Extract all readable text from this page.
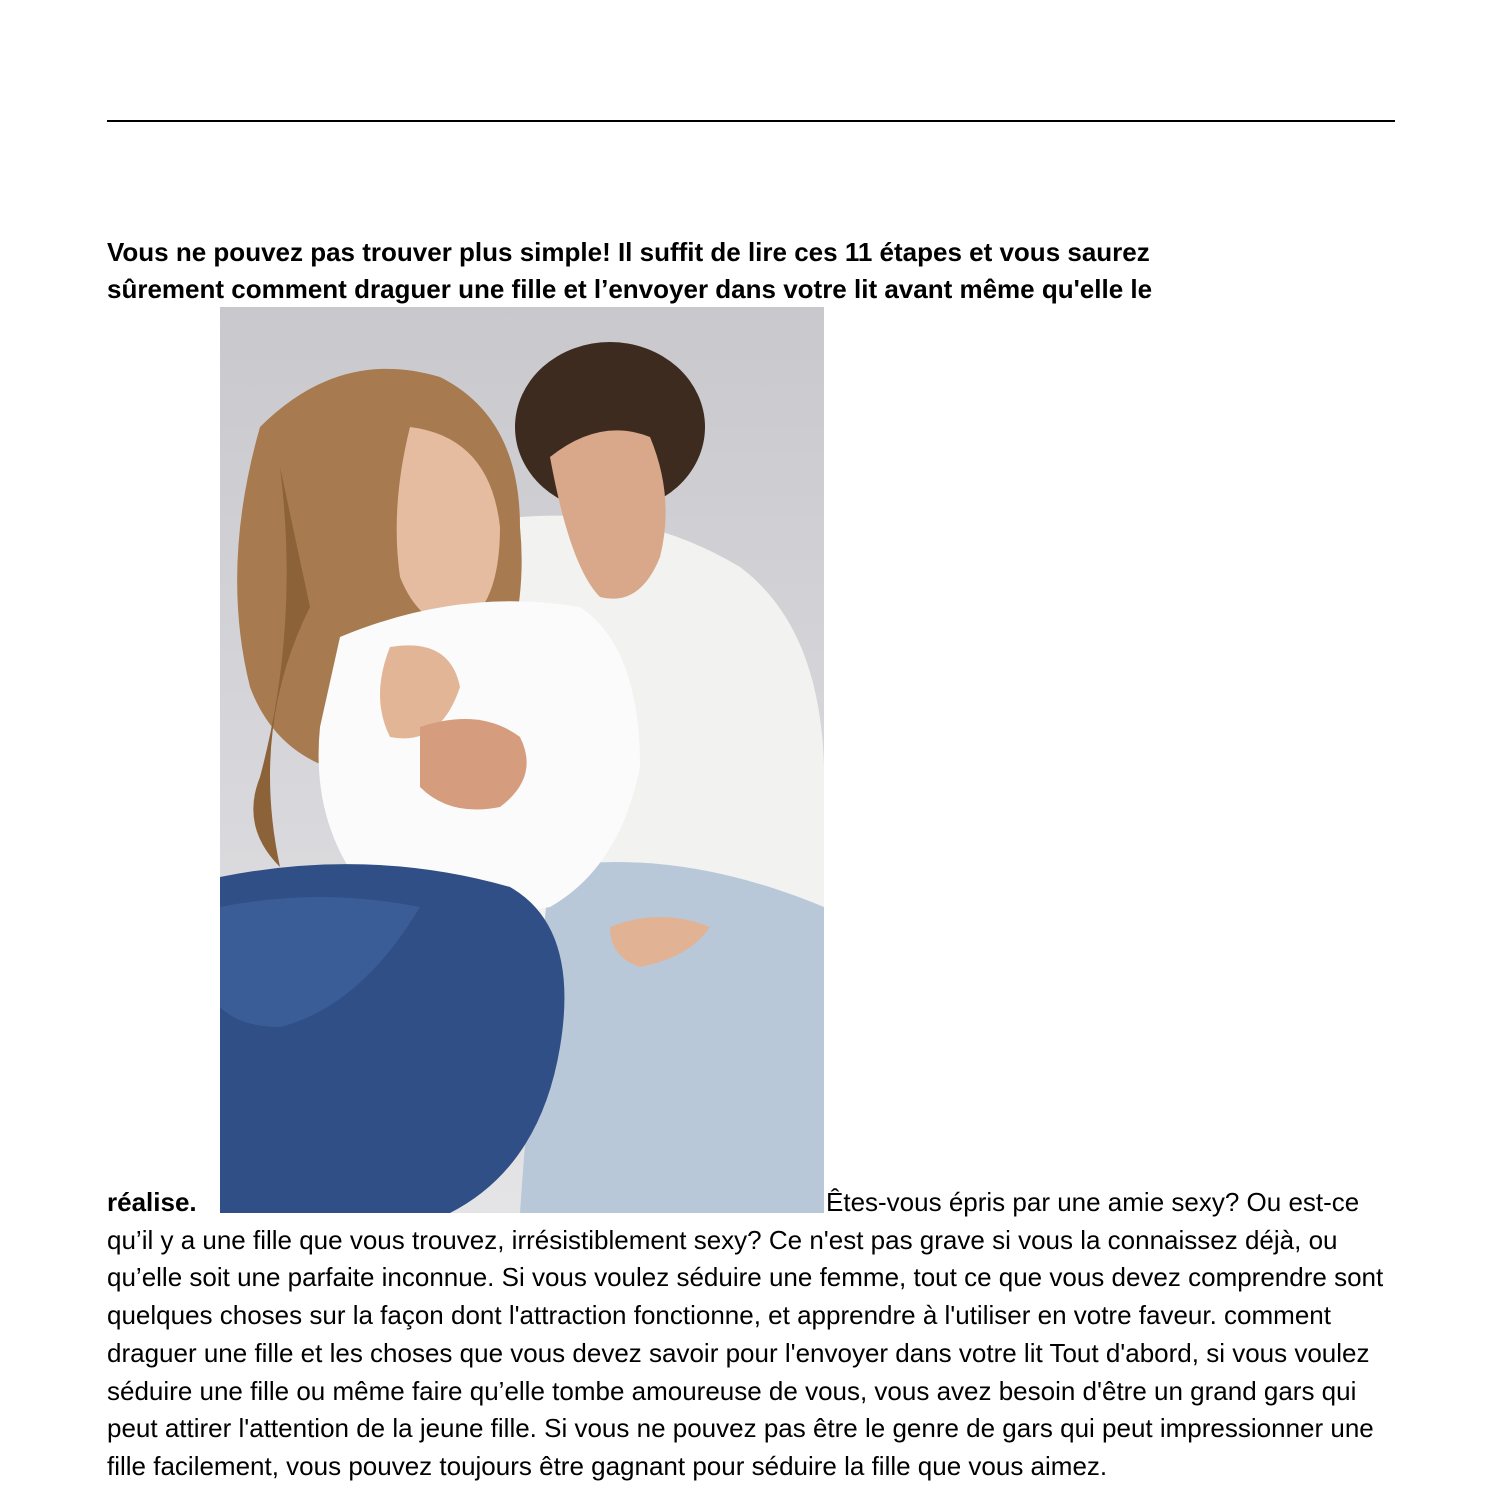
Vous ne pouvez pas trouver plus simple! Il suffit de lire ces 11 étapes et vous saurez
sûrement comment draguer une fille et l’envoyer dans votre lit avant même qu'elle le
réalise.	Êtes-vous épris par une amie sexy? Ou est-ce qu’il y a une fille que vous trouvez, irrésistiblement sexy? Ce n'est pas grave si vous la connaissez déjà, ou qu’elle soit une parfaite inconnue. Si vous voulez séduire une femme, tout ce que vous devez comprendre sont quelques choses sur la façon dont l'attraction fonctionne, et apprendre à l'utiliser en votre faveur. comment draguer une fille et les choses que vous devez savoir pour l'envoyer dans votre lit Tout d'abord, si vous voulez séduire une fille ou même faire qu’elle tombe amoureuse de vous, vous avez besoin d'être un grand gars qui peut attirer l'attention de la jeune fille. Si vous ne pouvez pas être le genre de gars qui peut impressionner une fille facilement, vous pouvez toujours être gagnant pour séduire la fille que vous aimez.
